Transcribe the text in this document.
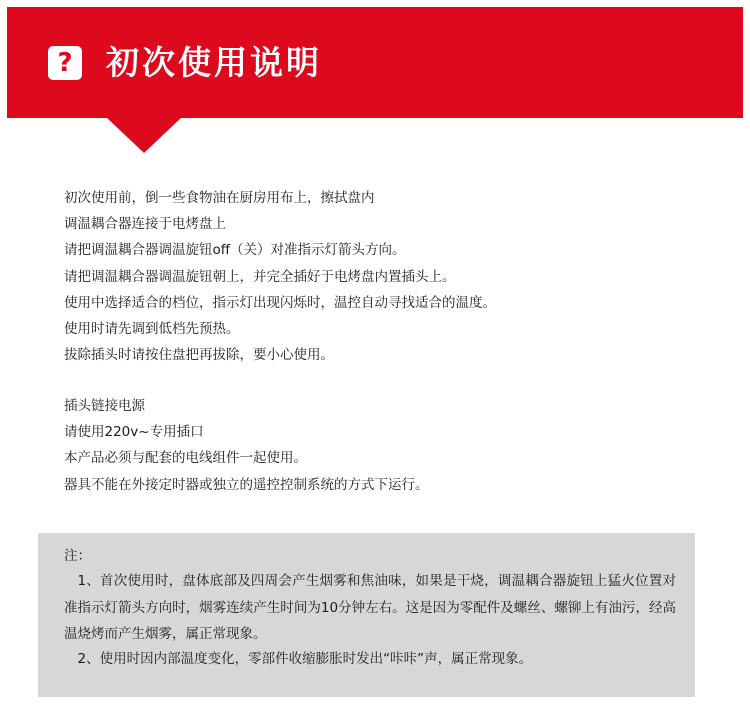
? 初次使用说明
初次使用前，倒一些食物油在厨房用布上，擦拭盘内
调温耦合器连接于电烤盘上
请把调温耦合器调温旋钮off（关）对准指示灯箭头方向。
请把调温耦合器调温旋钮朝上，并完全插好于电烤盘内置插头上。
使用中选择适合的档位，指示灯出现闪烁时，温控自动寻找适合的温度。
使用时请先调到低档先预热。
拔除插头时请按住盘把再拔除，要小心使用。
插头链接电源
请使用220v~专用插口
本产品必须与配套的电线组件一起使用。
器具不能在外接定时器或独立的遥控控制系统的方式下运行。
注：
1、首次使用时，盘体底部及四周会产生烟雾和焦油味，如果是干烧，调温耦合器旋钮上猛火位置对准指示灯箭头方向时，烟雾连续产生时间为10分钟左右。这是因为零配件及螺丝、螺铆上有油污，经高温烧烤而产生烟雾，属正常现象。
2、使用时因内部温度变化，零部件收缩膨胀时发出“咔咔”声，属正常现象。
